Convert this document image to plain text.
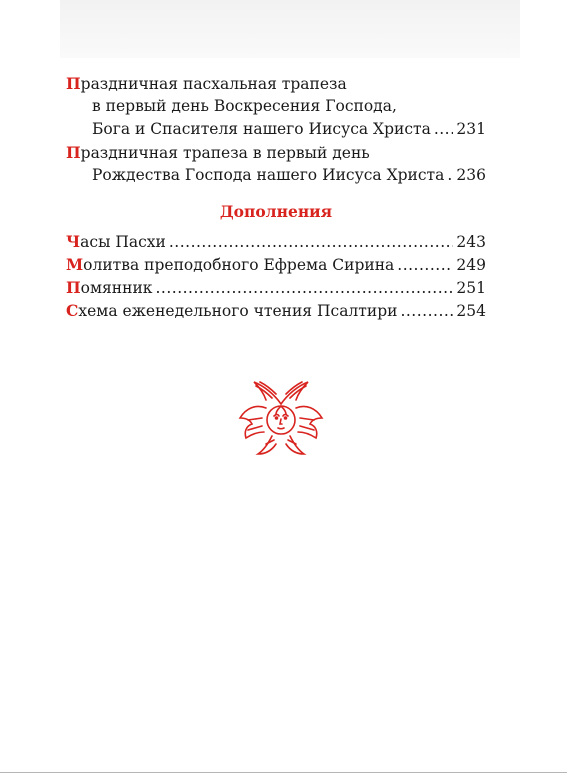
П раздничная пасхальная трапеза
в первый день Воскресения Господа,
Бога и Спасителя нашего Иисуса Христа ..... 231
П раздничная трапеза в первый день
Рождества Господа нашего Иисуса Христа ..... 236
Дополнения
Ч асы Пасхи .....	243
М олитва преподобного Ефрема Сирина .....	249
П омянник .....	251
С хема еженедельного чтения Псалтири .....	254
